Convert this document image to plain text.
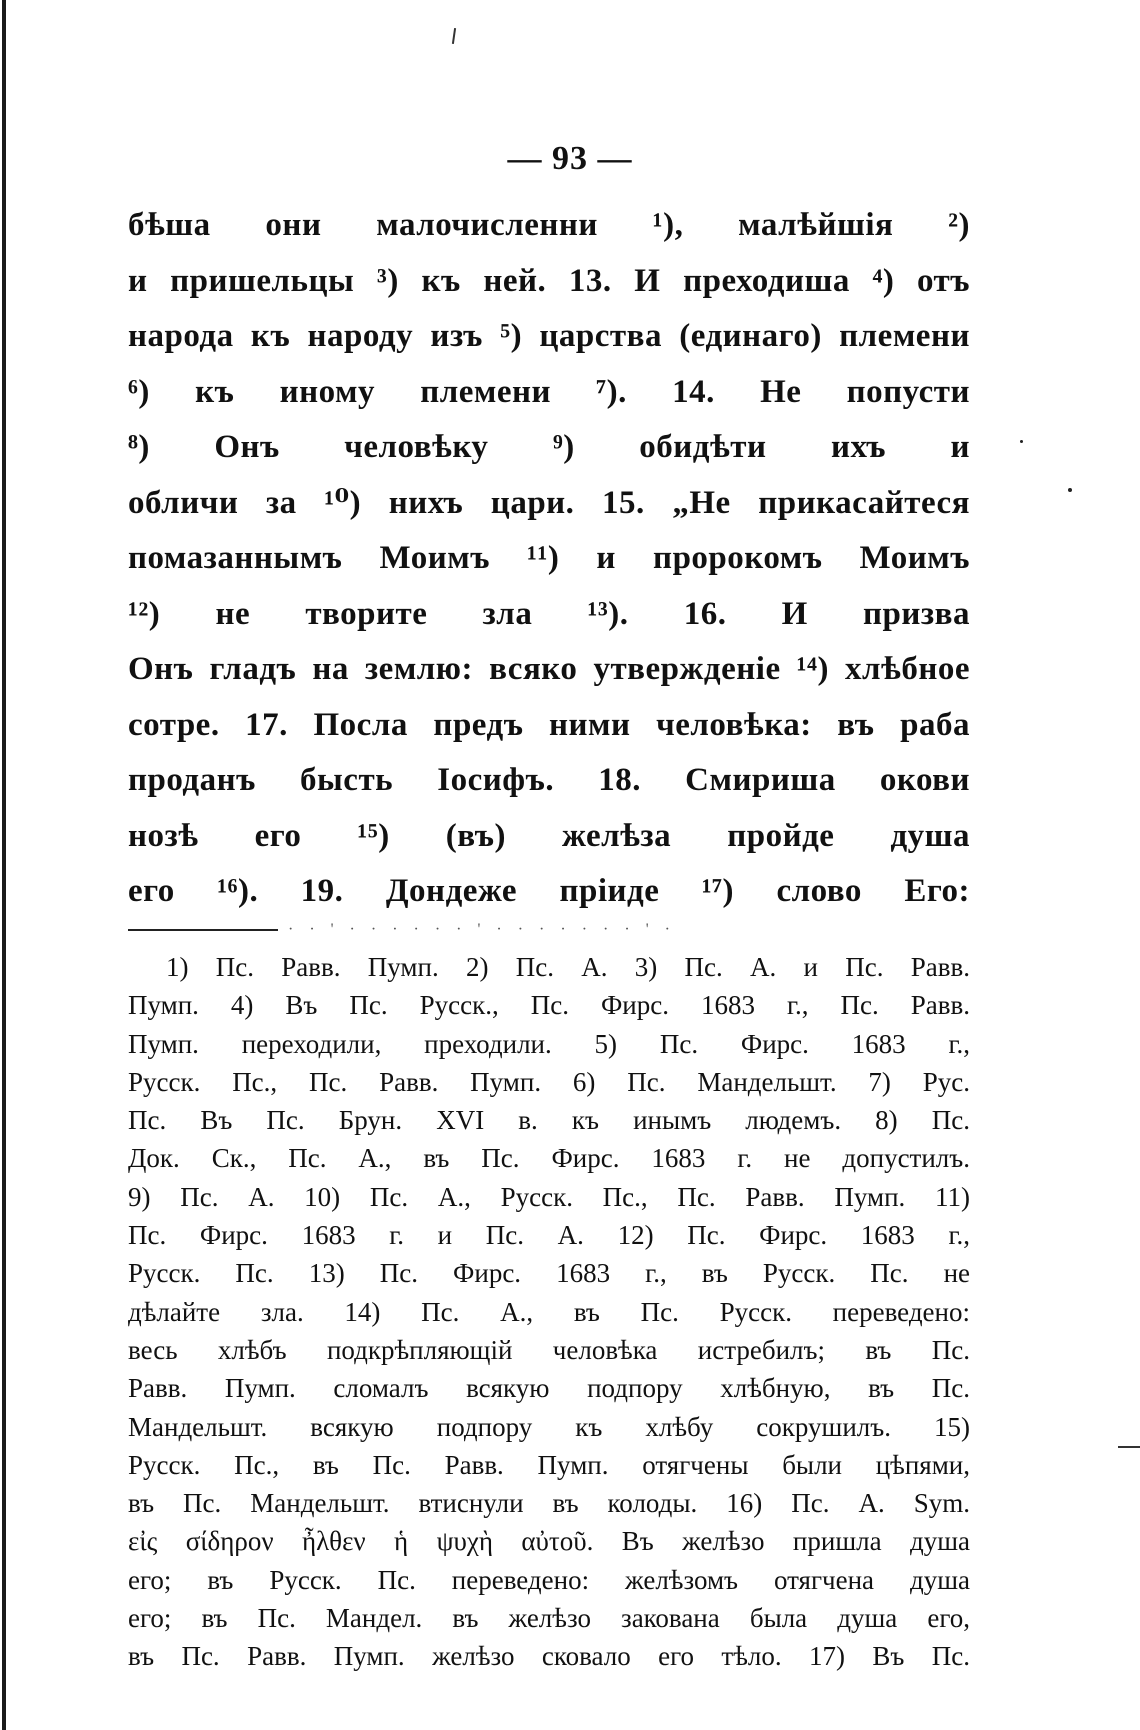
— 93 —
бѣша они малочисленни ¹), малѣйшія ²)
и пришельцы ³) къ ней. 13. И преходиша ⁴) отъ
народа къ народу изъ ⁵) царства (единаго) племени
⁶) къ иному племени ⁷). 14. Не попусти
⁸) Онъ человѣку ⁹) обидѣти ихъ и
обличи за ¹⁰) нихъ цари. 15. „Не прикасайтеся
помазаннымъ Моимъ ¹¹) и пророкомъ Моимъ
¹²) не творите зла ¹³). 16. И призва
Онъ гладъ на землю: всяко утвержденіе ¹⁴) хлѣбное
сотре. 17. Посла предъ ними человѣка: въ раба
проданъ бысть Іосифъ. 18. Смириша окови
нозѣ его ¹⁵) (въ) желѣза пройде душа
его ¹⁶). 19. Дондеже пріиде ¹⁷) слово Его:
· · ' · · · · · · ' · · · · · · · ' ·
1) Пс. Равв. Пумп. 2) Пс. А. 3) Пс. А. и Пс. Равв.
Пумп. 4) Въ Пс. Русск., Пс. Фирс. 1683 г., Пс. Равв.
Пумп. переходили, преходили. 5) Пс. Фирс. 1683 г.,
Русск. Пс., Пс. Равв. Пумп. 6) Пс. Мандельшт. 7) Рус.
Пс. Въ Пс. Брун. XVI в. къ инымъ людемъ. 8) Пс.
Док. Ск., Пс. А., въ Пс. Фирс. 1683 г. не допустилъ.
9) Пс. А. 10) Пс. А., Русск. Пс., Пс. Равв. Пумп. 11)
Пс. Фирс. 1683 г. и Пс. А. 12) Пс. Фирс. 1683 г.,
Русск. Пс. 13) Пс. Фирс. 1683 г., въ Русск. Пс. не
дѣлайте зла. 14) Пс. А., въ Пс. Русск. переведено:
весь хлѣбъ подкрѣпляющій человѣка истребилъ; въ Пс.
Равв. Пумп. сломалъ всякую подпору хлѣбную, въ Пс.
Мандельшт. всякую подпору къ хлѣбу сокрушилъ. 15)
Русск. Пс., въ Пс. Равв. Пумп. отягчены были цѣпями,
въ Пс. Мандельшт. втиснули въ колоды. 16) Пс. А. Sym.
εἰς σίδηρον ἦλθεν ἡ ψυχὴ αὐτοῦ. Въ желѣзо пришла душа
его; въ Русск. Пс. переведено: желѣзомъ отягчена душа
его; въ Пс. Мандел. въ желѣзо закована была душа его,
въ Пс. Равв. Пумп. желѣзо сковало его тѣло. 17) Въ Пс.
